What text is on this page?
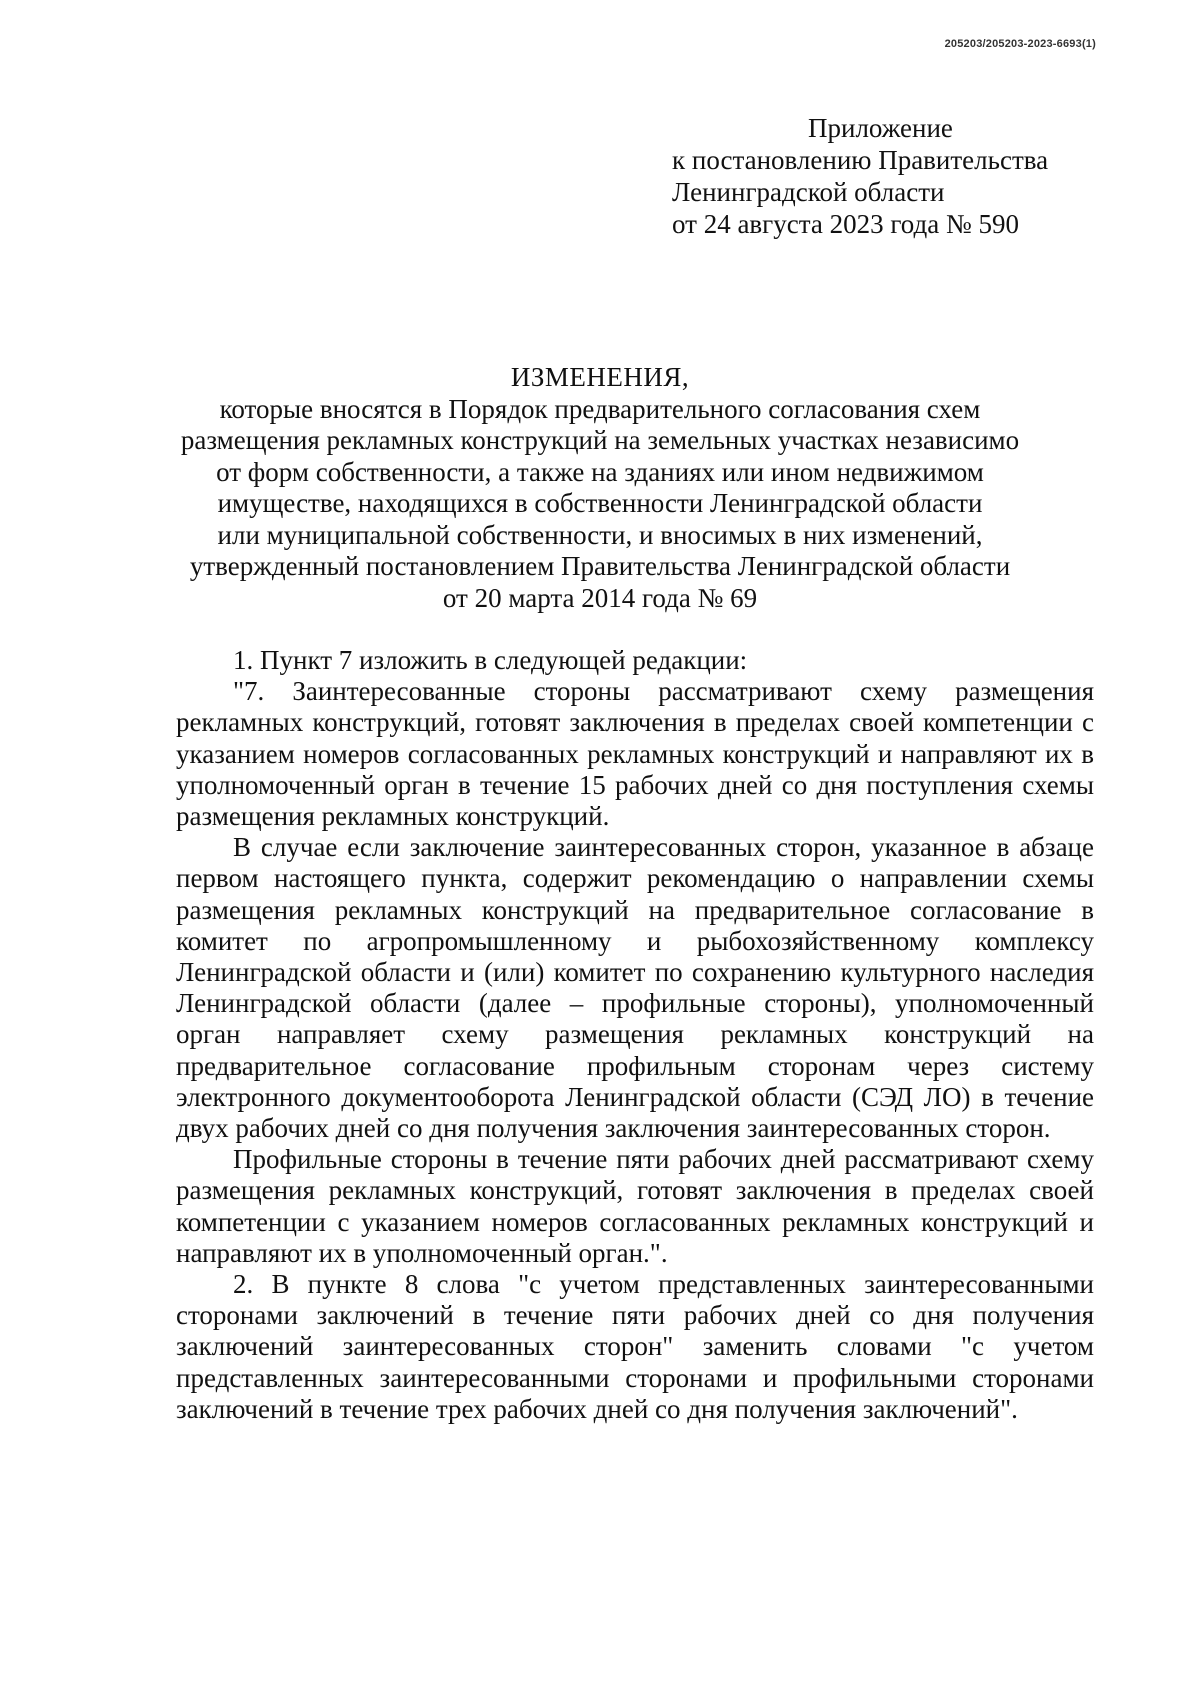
205203/205203-2023-6693(1)
Приложение
к постановлению Правительства
Ленинградской области
от 24 августа 2023 года № 590
ИЗМЕНЕНИЯ,
которые вносятся в Порядок предварительного согласования схем
размещения рекламных конструкций на земельных участках независимо
от форм собственности, а также на зданиях или ином недвижимом
имуществе, находящихся в собственности Ленинградской области
или муниципальной собственности, и вносимых в них изменений,
утвержденный постановлением Правительства Ленинградской области
от 20 марта 2014 года № 69

1. Пункт 7 изложить в следующей редакции:

"7. Заинтересованные стороны рассматривают схему размещения рекламных конструкций, готовят заключения в пределах своей компетенции с указанием номеров согласованных рекламных конструкций и направляют их в уполномоченный орган в течение 15 рабочих дней со дня поступления схемы размещения рекламных конструкций.

В случае если заключение заинтересованных сторон, указанное в абзаце первом настоящего пункта, содержит рекомендацию о направлении схемы размещения рекламных конструкций на предварительное согласование в комитет по агропромышленному и рыбохозяйственному комплексу Ленинградской области и (или) комитет по сохранению культурного наследия Ленинградской области (далее – профильные стороны), уполномоченный орган направляет схему размещения рекламных конструкций на предварительное согласование профильным сторонам через систему электронного документооборота Ленинградской области (СЭД ЛО) в течение двух рабочих дней со дня получения заключения заинтересованных сторон.

Профильные стороны в течение пяти рабочих дней рассматривают схему размещения рекламных конструкций, готовят заключения в пределах своей компетенции с указанием номеров согласованных рекламных конструкций и направляют их в уполномоченный орган.".

2. В пункте 8 слова "с учетом представленных заинтересованными сторонами заключений в течение пяти рабочих дней со дня получения заключений заинтересованных сторон" заменить словами "с учетом представленных заинтересованными сторонами и профильными сторонами заключений в течение трех рабочих дней со дня получения заключений".
